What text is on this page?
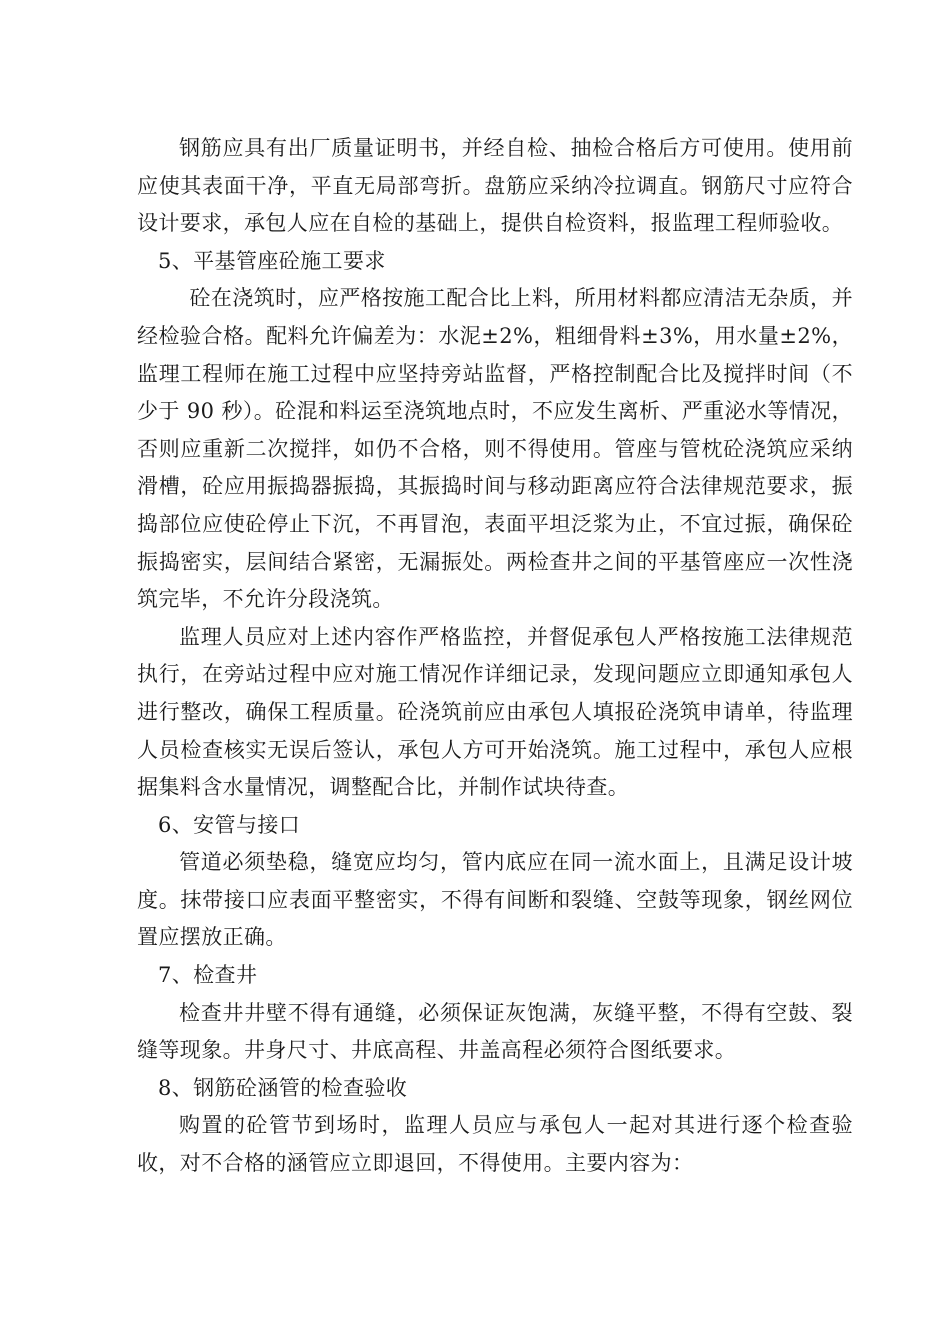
钢筋应具有出厂质量证明书，并经自检、抽检合格后方可使用。使用前应使其表面干净，平直无局部弯折。盘筋应采纳冷拉调直。钢筋尺寸应符合设计要求，承包人应在自检的基础上，提供自检资料，报监理工程师验收。

5、平基管座砼施工要求

砼在浇筑时，应严格按施工配合比上料，所用材料都应清洁无杂质，并经检验合格。配料允许偏差为：水泥±2%，粗细骨料±3%，用水量±2%，监理工程师在施工过程中应坚持旁站监督，严格控制配合比及搅拌时间（不少于 90 秒）。砼混和料运至浇筑地点时，不应发生离析、严重泌水等情况，否则应重新二次搅拌，如仍不合格，则不得使用。管座与管枕砼浇筑应采纳滑槽，砼应用振捣器振捣，其振捣时间与移动距离应符合法律规范要求，振捣部位应使砼停止下沉，不再冒泡，表面平坦泛浆为止，不宜过振，确保砼振捣密实，层间结合紧密，无漏振处。两检查井之间的平基管座应一次性浇筑完毕，不允许分段浇筑。

监理人员应对上述内容作严格监控，并督促承包人严格按施工法律规范执行，在旁站过程中应对施工情况作详细记录，发现问题应立即通知承包人进行整改，确保工程质量。砼浇筑前应由承包人填报砼浇筑申请单，待监理人员检查核实无误后签认，承包人方可开始浇筑。施工过程中，承包人应根据集料含水量情况，调整配合比，并制作试块待查。

6、安管与接口

管道必须垫稳，缝宽应均匀，管内底应在同一流水面上，且满足设计坡度。抹带接口应表面平整密实，不得有间断和裂缝、空鼓等现象，钢丝网位置应摆放正确。

7、检查井

检查井井壁不得有通缝，必须保证灰饱满，灰缝平整，不得有空鼓、裂缝等现象。井身尺寸、井底高程、井盖高程必须符合图纸要求。

8、钢筋砼涵管的检查验收

购置的砼管节到场时，监理人员应与承包人一起对其进行逐个检查验收，对不合格的涵管应立即退回，不得使用。主要内容为：
